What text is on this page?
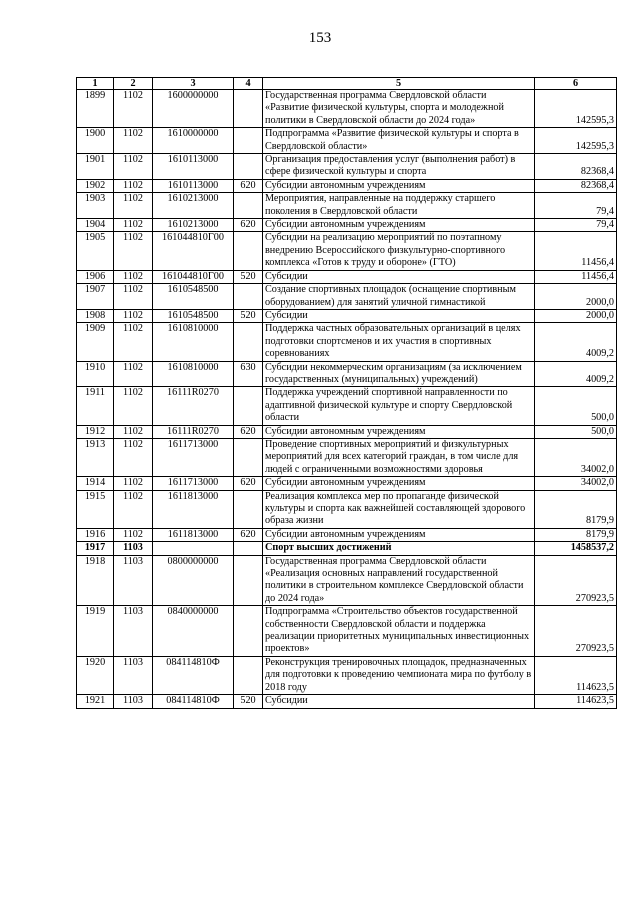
153
1	2	3	4	5	6
1899	1102	1600000000		Государственная программа Свердловской области «Развитие физической культуры, спорта и молодежной политики в Свердловской области до 2024 года»	142595,3
1900	1102	1610000000		Подпрограмма «Развитие физической культуры и спорта в Свердловской области»	142595,3
1901	1102	1610113000		Организация предоставления услуг (выполнения работ) в сфере физической культуры и спорта	82368,4
1902	1102	1610113000	620	Субсидии автономным учреждениям	82368,4
1903	1102	1610213000		Мероприятия, направленные на поддержку старшего поколения в Свердловской области	79,4
1904	1102	1610213000	620	Субсидии автономным учреждениям	79,4
1905	1102	161044810Г00		Субсидии на реализацию мероприятий по поэтапному внедрению Всероссийского физкультурно-спортивного комплекса «Готов к труду и обороне» (ГТО)	11456,4
1906	1102	161044810Г00	520	Субсидии	11456,4
1907	1102	1610548500		Создание спортивных площадок (оснащение спортивным оборудованием) для занятий уличной гимнастикой	2000,0
1908	1102	1610548500	520	Субсидии	2000,0
1909	1102	1610810000		Поддержка частных образовательных организаций в целях подготовки спортсменов и их участия в спортивных соревнованиях	4009,2
1910	1102	1610810000	630	Субсидии некоммерческим организациям (за исключением государственных (муниципальных) учреждений)	4009,2
1911	1102	16111R0270		Поддержка учреждений спортивной направленности по адаптивной физической культуре и спорту Свердловской области	500,0
1912	1102	16111R0270	620	Субсидии автономным учреждениям	500,0
1913	1102	1611713000		Проведение спортивных мероприятий и физкультурных мероприятий для всех категорий граждан, в том числе для людей с ограниченными возможностями здоровья	34002,0
1914	1102	1611713000	620	Субсидии автономным учреждениям	34002,0
1915	1102	1611813000		Реализация комплекса мер по пропаганде физической культуры и спорта как важнейшей составляющей здорового образа жизни	8179,9
1916	1102	1611813000	620	Субсидии автономным учреждениям	8179,9
1917	1103			Спорт высших достижений	1458537,2
1918	1103	0800000000		Государственная программа Свердловской области «Реализация основных направлений государственной политики в строительном комплексе Свердловской области до 2024 года»	270923,5
1919	1103	0840000000		Подпрограмма «Строительство объектов государственной собственности Свердловской области и поддержка реализации приоритетных муниципальных инвестиционных проектов»	270923,5
1920	1103	084114810Ф		Реконструкция тренировочных площадок, предназначенных для подготовки к проведению чемпионата мира по футболу в 2018 году	114623,5
1921	1103	084114810Ф	520	Субсидии	114623,5
